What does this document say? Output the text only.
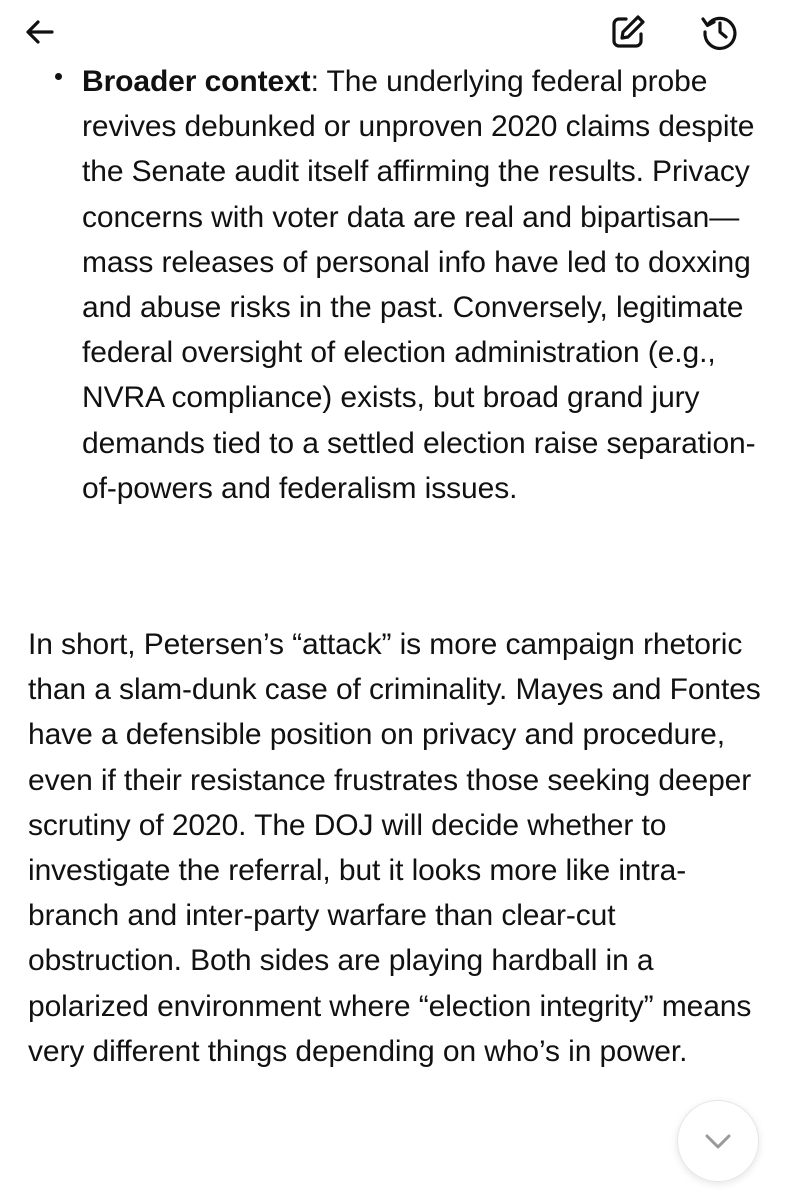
Broader context: The underlying federal probe revives debunked or unproven 2020 claims despite the Senate audit itself affirming the results. Privacy concerns with voter data are real and bipartisan—mass releases of personal info have led to doxxing and abuse risks in the past. Conversely, legitimate federal oversight of election administration (e.g., NVRA compliance) exists, but broad grand jury demands tied to a settled election raise separation-of-powers and federalism issues.
In short, Petersen’s “attack” is more campaign rhetoric than a slam-dunk case of criminality. Mayes and Fontes have a defensible position on privacy and procedure, even if their resistance frustrates those seeking deeper scrutiny of 2020. The DOJ will decide whether to investigate the referral, but it looks more like intra-branch and inter-party warfare than clear-cut obstruction. Both sides are playing hardball in a polarized environment where “election integrity” means very different things depending on who’s in power.
